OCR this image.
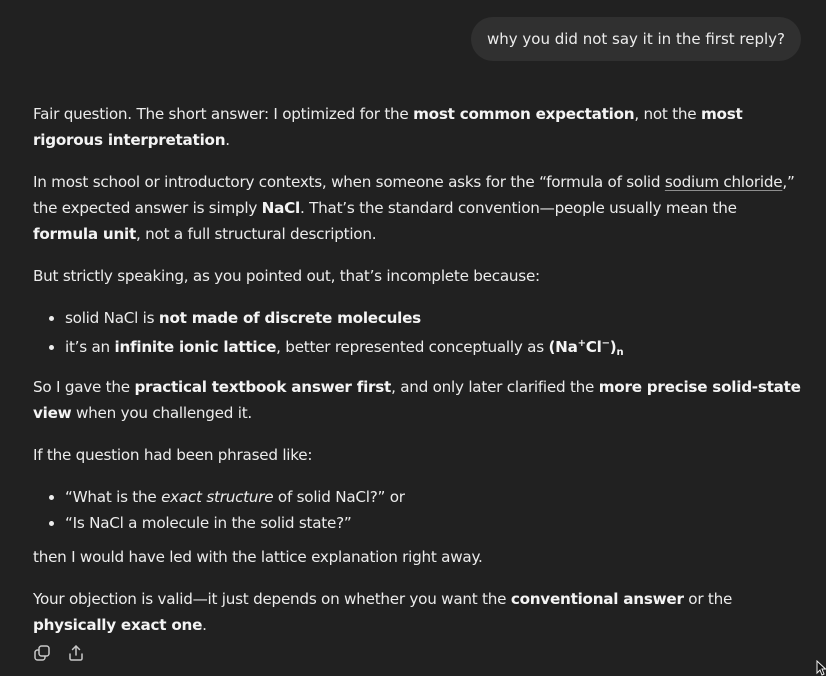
why you did not say it in the first reply?

Fair question. The short answer: I optimized for the most common expectation, not the most rigorous interpretation.

In most school or introductory contexts, when someone asks for the “formula of solid sodium chloride,” the expected answer is simply NaCl. That’s the standard convention—people usually mean the formula unit, not a full structural description.

But strictly speaking, as you pointed out, that’s incomplete because:

• solid NaCl is not made of discrete molecules
• it’s an infinite ionic lattice, better represented conceptually as $(Na^+Cl^-)_n$

So I gave the practical textbook answer first, and only later clarified the more precise solid-state view when you challenged it.

If the question had been phrased like:

• “What is the exact structure of solid NaCl?” or
• “Is NaCl a molecule in the solid state?”

then I would have led with the lattice explanation right away.

Your objection is valid—it just depends on whether you want the conventional answer or the physically exact one.
